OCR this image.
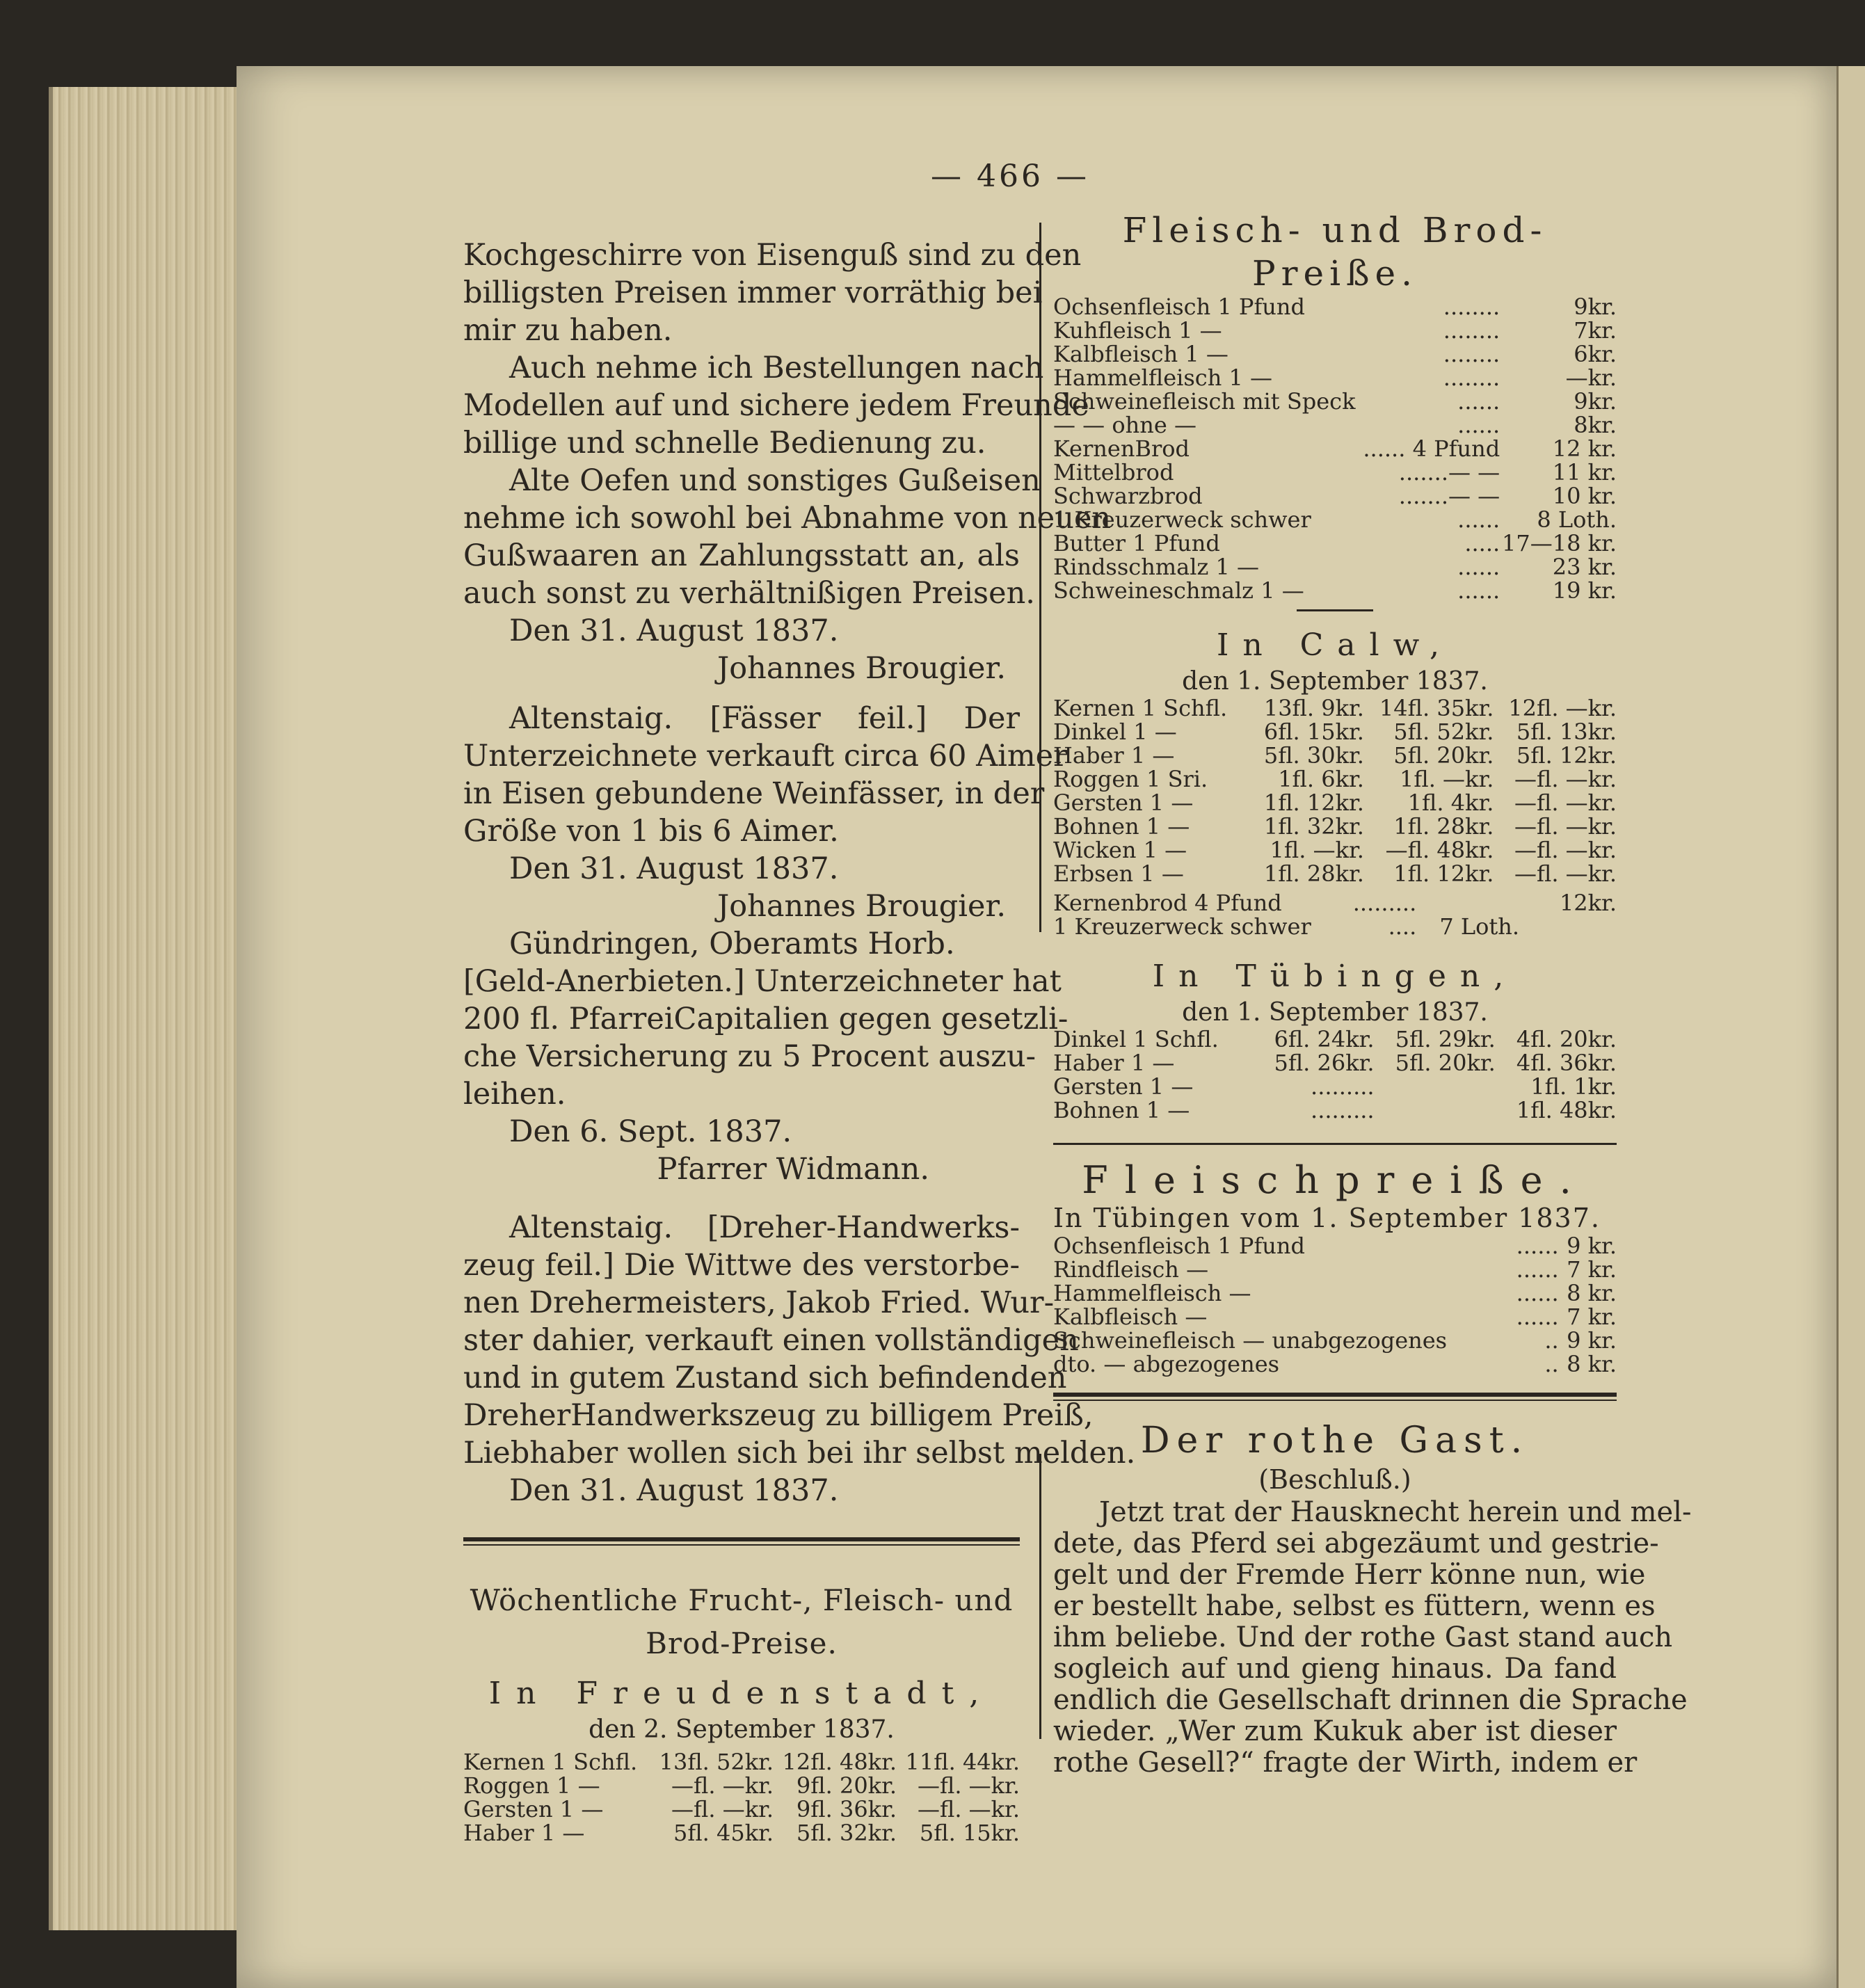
— 466 —
Kochgeschirre von Eisenguß sind zu den
billigsten Preisen immer vorräthig bei
mir zu haben.
Auch nehme ich Bestellungen nach
Modellen auf und sichere jedem Freunde
billige und schnelle Bedienung zu.
Alte Oefen und sonstiges Gußeisen
nehme ich sowohl bei Abnahme von neuen
Gußwaaren an Zahlungsstatt an, als
auch sonst zu verhältnißigen Preisen.
Den 31. August 1837.
Johannes Brougier.
Altenstaig. [Fässer feil.] Der
Unterzeichnete verkauft circa 60 Aimer
in Eisen gebundene Weinfässer, in der
Größe von 1 bis 6 Aimer.
Den 31. August 1837.
Johannes Brougier.
Gündringen, Oberamts Horb.
[Geld-Anerbieten.] Unterzeichneter hat
200 fl. PfarreiCapitalien gegen gesetzli-
che Versicherung zu 5 Procent auszu-
leihen.
Den 6. Sept. 1837.
Pfarrer Widmann.
Altenstaig. [Dreher-Handwerks-
zeug feil.] Die Wittwe des verstorbe-
nen Drehermeisters, Jakob Fried. Wur-
ster dahier, verkauft einen vollständigen
und in gutem Zustand sich befindenden
DreherHandwerkszeug zu billigem Preiß,
Liebhaber wollen sich bei ihr selbst melden.
Den 31. August 1837.
Wöchentliche Frucht-, Fleisch- und
Brod-Preise.
In Freudenstadt,
den 2. September 1837.
Kernen 1 Schfl.	13fl. 52kr.	12fl. 48kr.	11fl. 44kr.
Roggen 1 —	—fl. —kr.	9fl. 20kr.	—fl. —kr.
Gersten 1 —	—fl. —kr.	9fl. 36kr.	—fl. —kr.
Haber 1 —	5fl. 45kr.	5fl. 32kr.	5fl. 15kr.
Fleisch- und Brod-Preiße.
Ochsenfleisch 1 Pfund	........	9kr.
Kuhfleisch 1 —	........	7kr.
Kalbfleisch 1 —	........	6kr.
Hammelfleisch 1 —	........	—kr.
Schweinefleisch mit Speck	......	9kr.
— — ohne —	......	8kr.
KernenBrod	...... 4 Pfund	12 kr.
Mittelbrod	.......— —	11 kr.
Schwarzbrod	.......— —	10 kr.
1 Kreuzerweck schwer	......	8 Loth.
Butter 1 Pfund	.....	17—18 kr.
Rindsschmalz 1 —	......	23 kr.
Schweineschmalz 1 —	......	19 kr.
In Calw,
den 1. September 1837.
Kernen 1 Schfl.	13fl. 9kr.	14fl. 35kr.	12fl. —kr.
Dinkel 1 —	6fl. 15kr.	5fl. 52kr.	5fl. 13kr.
Haber 1 —	5fl. 30kr.	5fl. 20kr.	5fl. 12kr.
Roggen 1 Sri.	1fl. 6kr.	1fl. —kr.	—fl. —kr.
Gersten 1 —	1fl. 12kr.	1fl. 4kr.	—fl. —kr.
Bohnen 1 —	1fl. 32kr.	1fl. 28kr.	—fl. —kr.
Wicken 1 —	1fl. —kr.	—fl. 48kr.	—fl. —kr.
Erbsen 1 —	1fl. 28kr.	1fl. 12kr.	—fl. —kr.
Kernenbrod 4 Pfund	.........	12kr.
1 Kreuzerweck schwer	....	7 Loth.
In Tübingen,
den 1. September 1837.
Dinkel 1 Schfl.	6fl. 24kr.	5fl. 29kr.	4fl. 20kr.
Haber 1 —	5fl. 26kr.	5fl. 20kr.	4fl. 36kr.
Gersten 1 —	.........		1fl. 1kr.
Bohnen 1 —	.........		1fl. 48kr.
Fleischpreiße.
In Tübingen vom 1. September 1837.
Ochsenfleisch 1 Pfund	......	9 kr.
Rindfleisch —	......	7 kr.
Hammelfleisch —	......	8 kr.
Kalbfleisch —	......	7 kr.
Schweinefleisch — unabgezogenes	..	9 kr.
dto. — abgezogenes	..	8 kr.
Der rothe Gast.
(Beschluß.)
Jetzt trat der Hausknecht herein und mel-
dete, das Pferd sei abgezäumt und gestrie-
gelt und der Fremde Herr könne nun, wie
er bestellt habe, selbst es füttern, wenn es
ihm beliebe. Und der rothe Gast stand auch
sogleich auf und gieng hinaus. Da fand
endlich die Gesellschaft drinnen die Sprache
wieder. „Wer zum Kukuk aber ist dieser
rothe Gesell?“ fragte der Wirth, indem er
